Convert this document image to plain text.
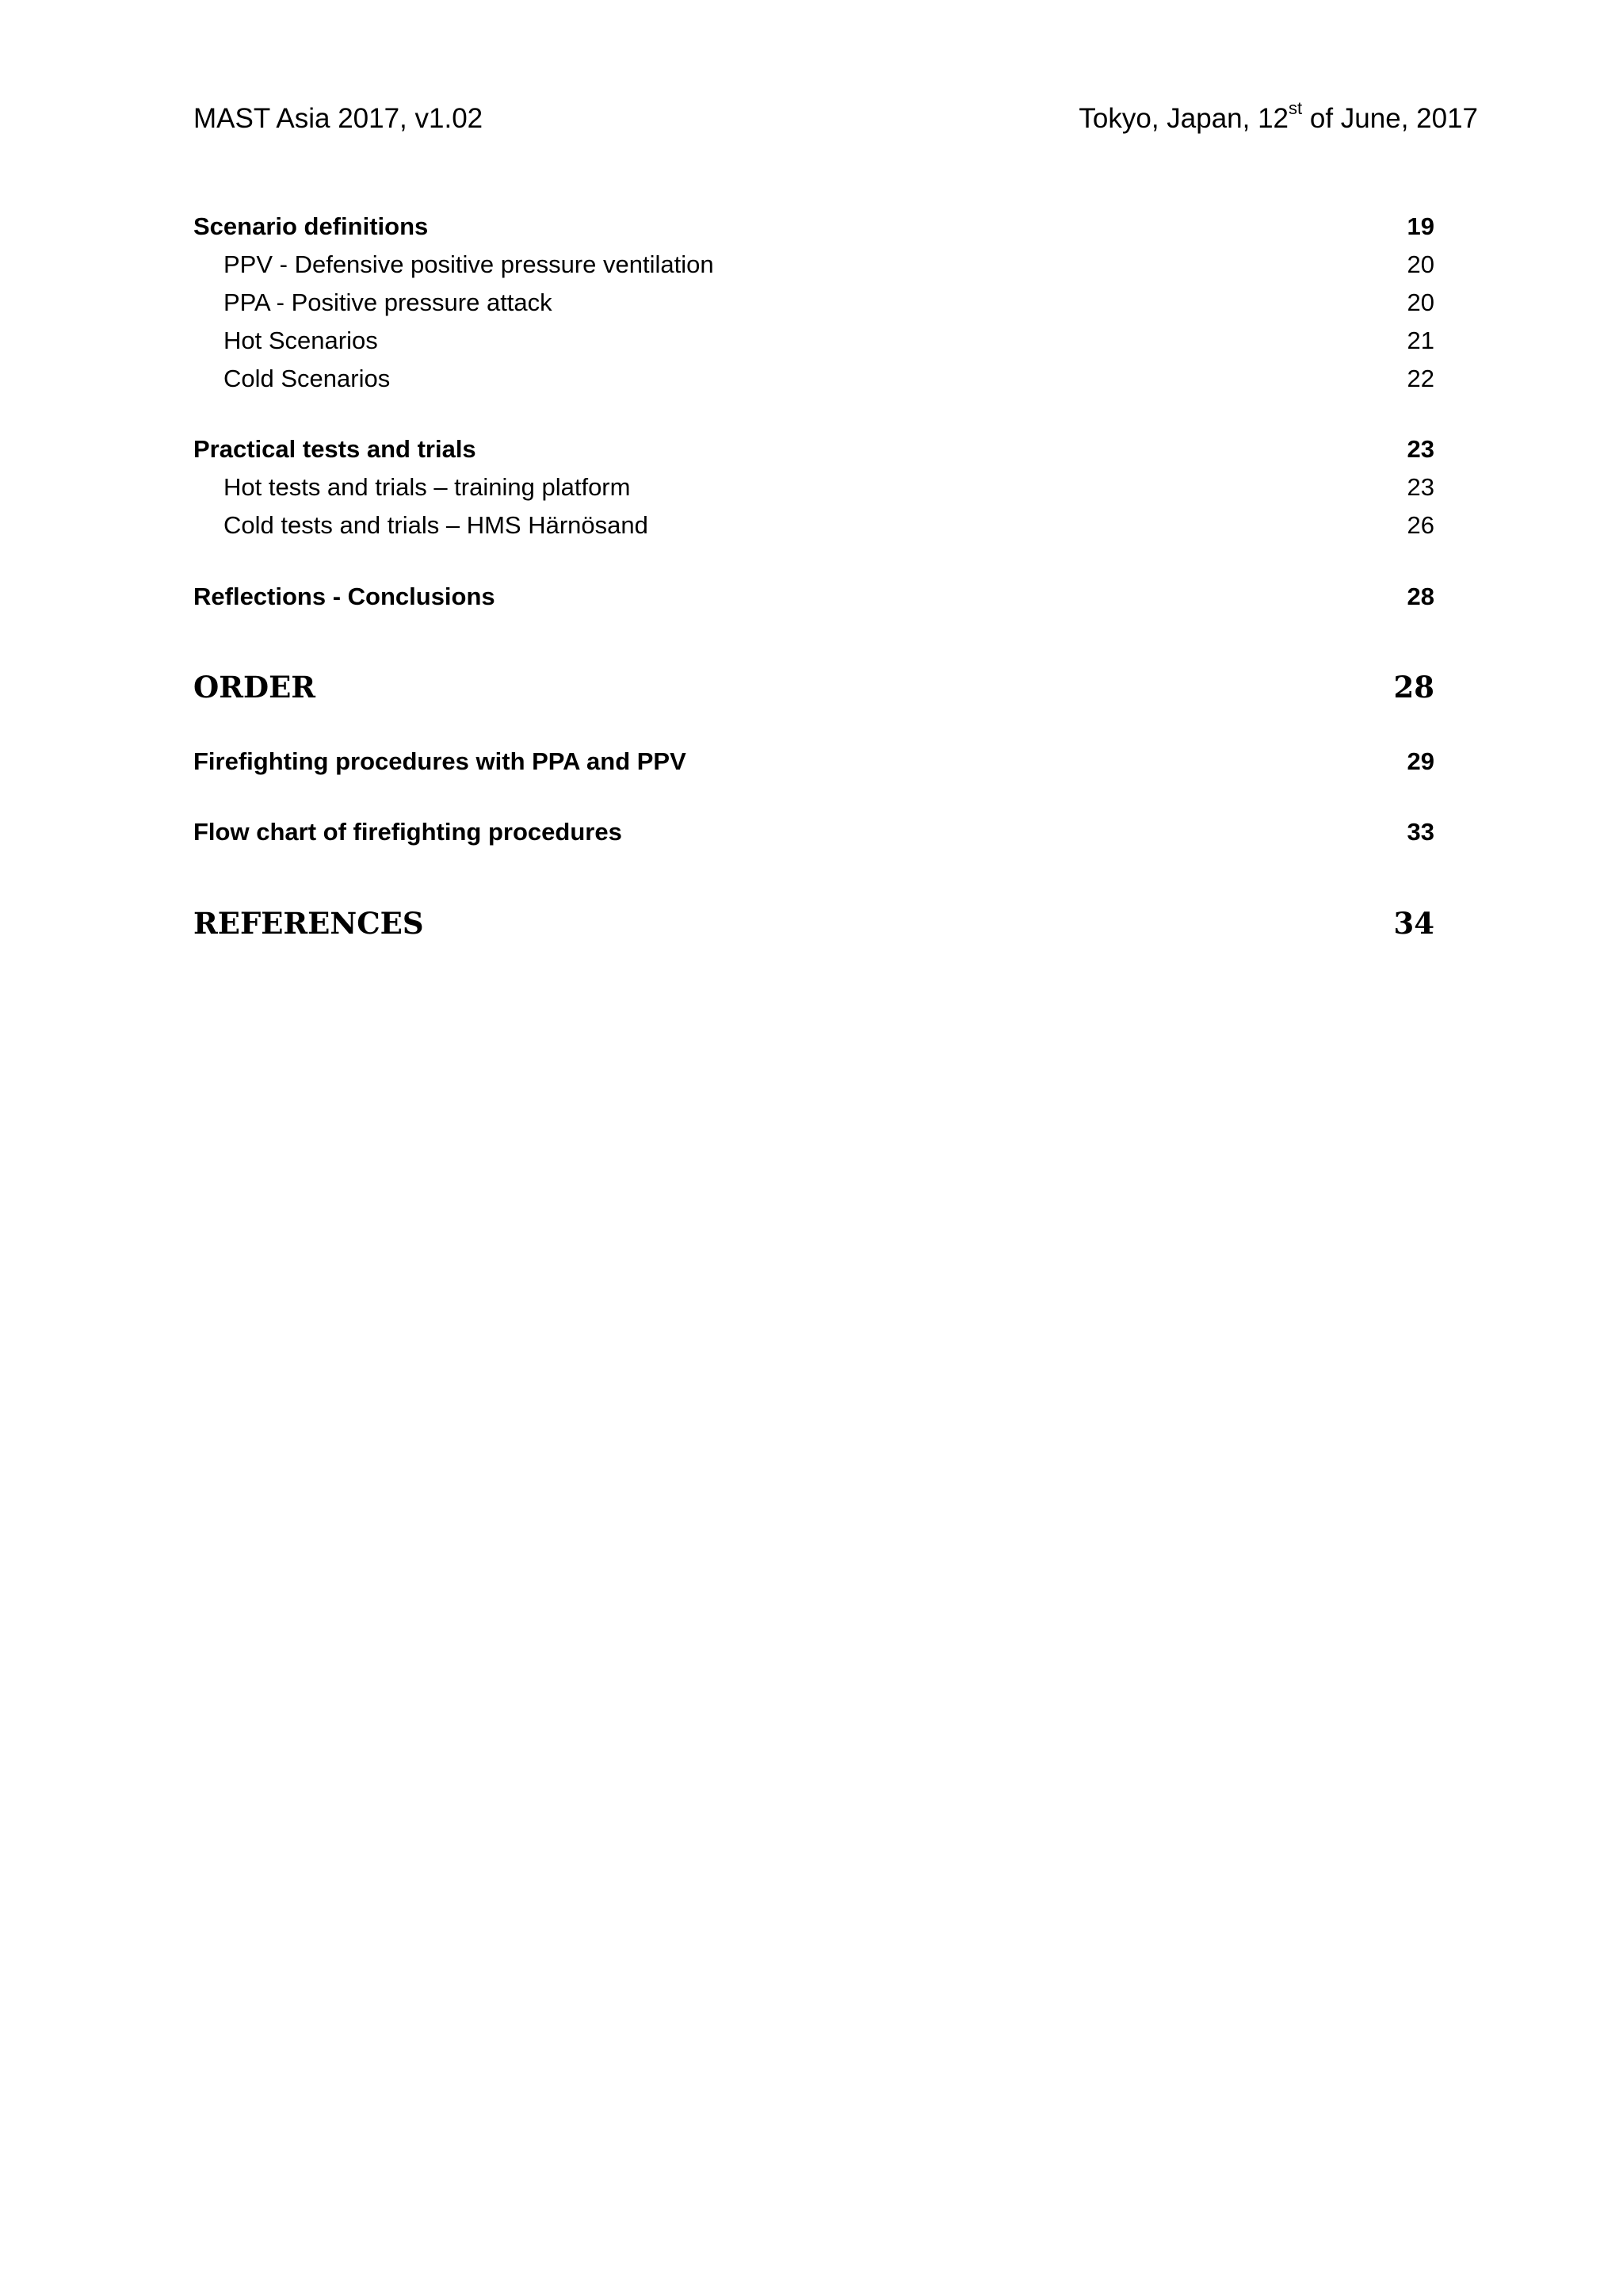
MAST Asia 2017, v1.02	Tokyo, Japan, 12st of June, 2017
Scenario definitions	19
PPV - Defensive positive pressure ventilation	20
PPA - Positive pressure attack	20
Hot Scenarios	21
Cold Scenarios	22
Practical tests and trials	23
Hot tests and trials – training platform	23
Cold tests and trials – HMS Härnösand	26
Reflections - Conclusions	28
ORDER	28
Firefighting procedures with PPA and PPV	29
Flow chart of firefighting procedures	33
REFERENCES	34
